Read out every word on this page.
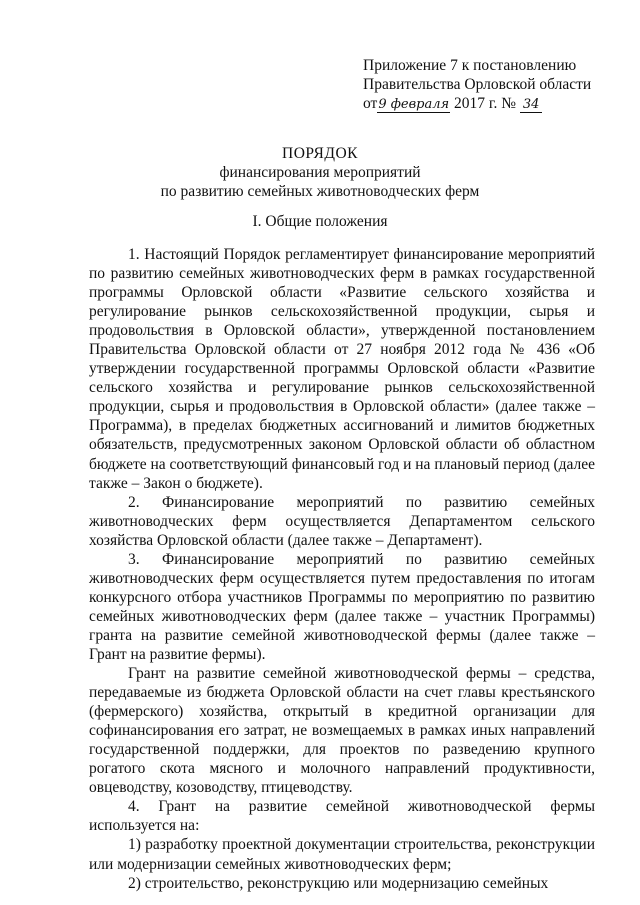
Приложение 7 к постановлению
Правительства Орловской области
от9 февраля 2017 г. № 34
ПОРЯДОК
финансирования мероприятий
по развитию семейных животноводческих ферм
I. Общие положения

1. Настоящий Порядок регламентирует финансирование мероприятий по развитию семейных животноводческих ферм в рамках государственной программы Орловской области «Развитие сельского хозяйства и регулирование рынков сельскохозяйственной продукции, сырья и продовольствия в Орловской области», утвержденной постановлением Правительства Орловской области от 27 ноября 2012 года № 436 «Об утверждении государственной программы Орловской области «Развитие сельского хозяйства и регулирование рынков сельскохозяйственной продукции, сырья и продовольствия в Орловской области» (далее также – Программа), в пределах бюджетных ассигнований и лимитов бюджетных обязательств, предусмотренных законом Орловской области об областном бюджете на соответствующий финансовый год и на плановый период (далее также – Закон о бюджете).

2. Финансирование мероприятий по развитию семейных животноводческих ферм осуществляется Департаментом сельского хозяйства Орловской области (далее также – Департамент).

3. Финансирование мероприятий по развитию семейных животноводческих ферм осуществляется путем предоставления по итогам конкурсного отбора участников Программы по мероприятию по развитию семейных животноводческих ферм (далее также – участник Программы) гранта на развитие семейной животноводческой фермы (далее также – Грант на развитие фермы).

Грант на развитие семейной животноводческой фермы – средства, передаваемые из бюджета Орловской области на счет главы крестьянского (фермерского) хозяйства, открытый в кредитной организации для софинансирования его затрат, не возмещаемых в рамках иных направлений государственной поддержки, для проектов по разведению крупного рогатого скота мясного и молочного направлений продуктивности, овцеводству, козоводству, птицеводству.

4. Грант на развитие семейной животноводческой фермы используется на:

1) разработку проектной документации строительства, реконструкции или модернизации семейных животноводческих ферм;

2) строительство, реконструкцию или модернизацию семейных
